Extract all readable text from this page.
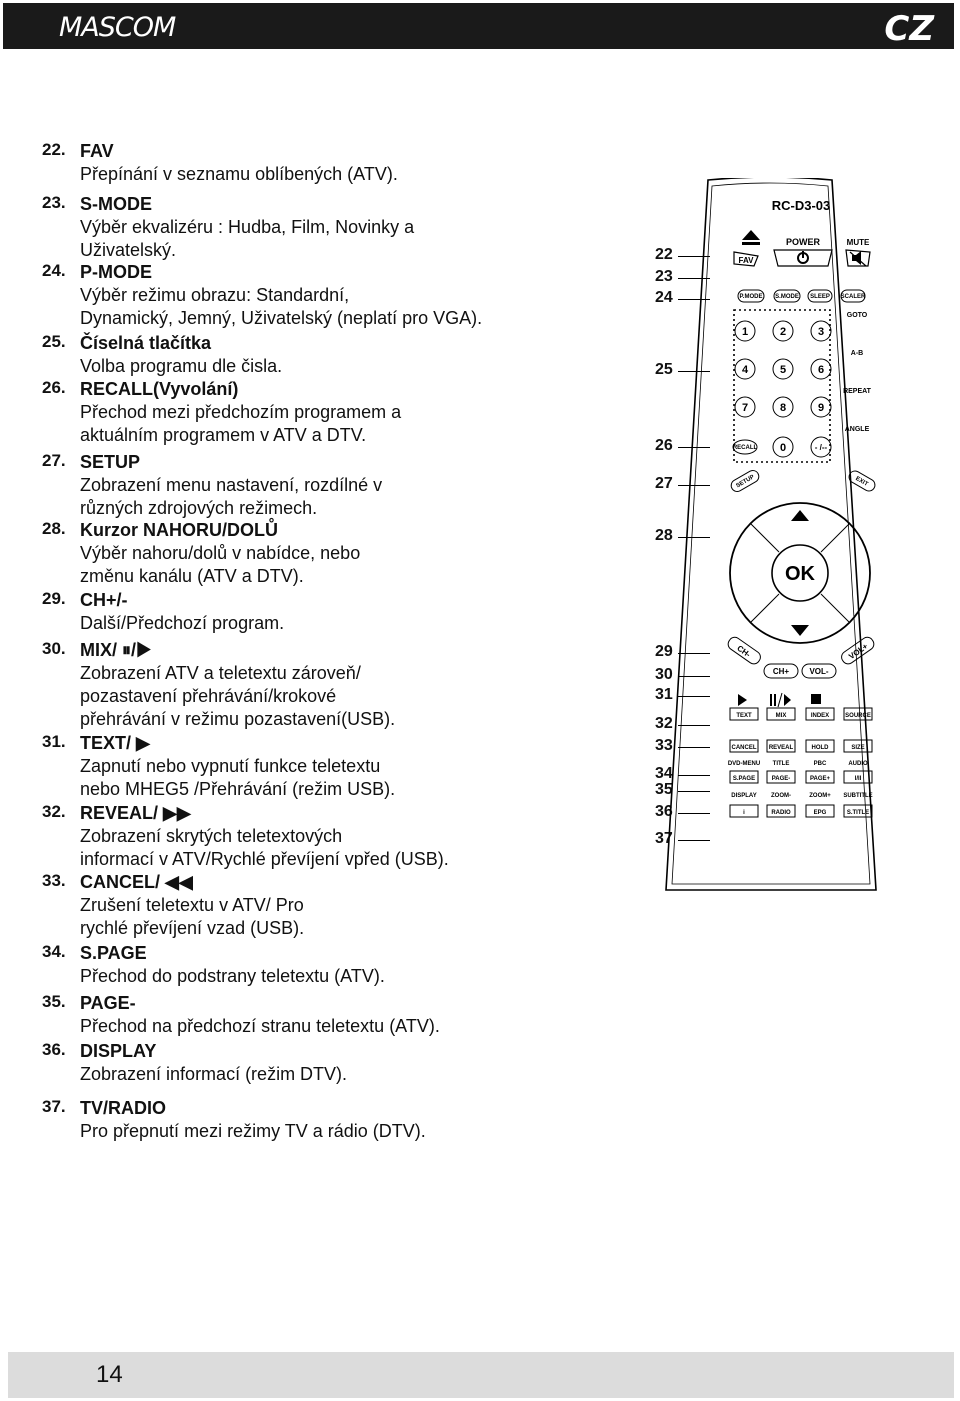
MASCOM	CZ
22. FAV
Přepínání v seznamu oblíbených (ATV).
23. S-MODE
Výběr ekvalizéru : Hudba, Film, Novinky a
Uživatelský.
24. P-MODE
Výběr režimu obrazu: Standardní,
Dynamický, Jemný, Uživatelský (neplatí pro VGA).
25. Číselná tlačítka
Volba programu dle čisla.
26. RECALL(Vyvolání)
Přechod mezi předchozím programem a
aktuálním programem v ATV a DTV.
27. SETUP
Zobrazení menu nastavení, rozdílné v
různých zdrojových režimech.
28. Kurzor NAHORU/DOLŮ
Výběr nahoru/dolů v nabídce, nebo
změnu kanálu (ATV a DTV).
29. CH+/-
Další/Předchozí program.
30. MIX/ ⏸/▶
Zobrazení ATV a teletextu zároveň/
pozastavení přehrávání/krokové
přehrávání v režimu pozastavení(USB).
31. TEXT/ ▶
Zapnutí nebo vypnutí funkce teletextu
nebo MHEG5 /Přehrávání (režim USB).
32. REVEAL/ ▶▶
Zobrazení skrytých teletextových
informací v ATV/Rychlé převíjení vpřed (USB).
33. CANCEL/ ◀◀
Zrušení teletextu v ATV/ Pro
rychlé převíjení vzad (USB).
34. S.PAGE
Přechod do podstrany teletextu (ATV).
35. PAGE-
Přechod na předchozí stranu teletextu (ATV).
36. DISPLAY
Zobrazení informací (režim DTV).
37. TV/RADIO
Pro přepnutí mezi režimy TV a rádio (DTV).
22
23
24
25
26
27
28
29
30
31
32
33
34
35
36
37
RC-D3-03
FAV
POWER	MUTE
P.MODE S.MODE SLEEP SCALER
GOTO
A-B
REPEAT
ANGLE
1	2	3
4	5	6
7	8	9
0
RECALL	- /--
SETUP	EXIT
OK
CH-
CH+	VOL-
VOL+
TEXT	MIX	INDEX	SOURCE
CANCEL REVEAL	HOLD	SIZE
DVD-MENU TITLE	PBC	AUDIO
S.PAGE	PAGE-	PAGE+	I/II
DISPLAY ZOOM-	ZOOM+ SUBTITLE
i	RADIO	EPG	S.TITLE
14
